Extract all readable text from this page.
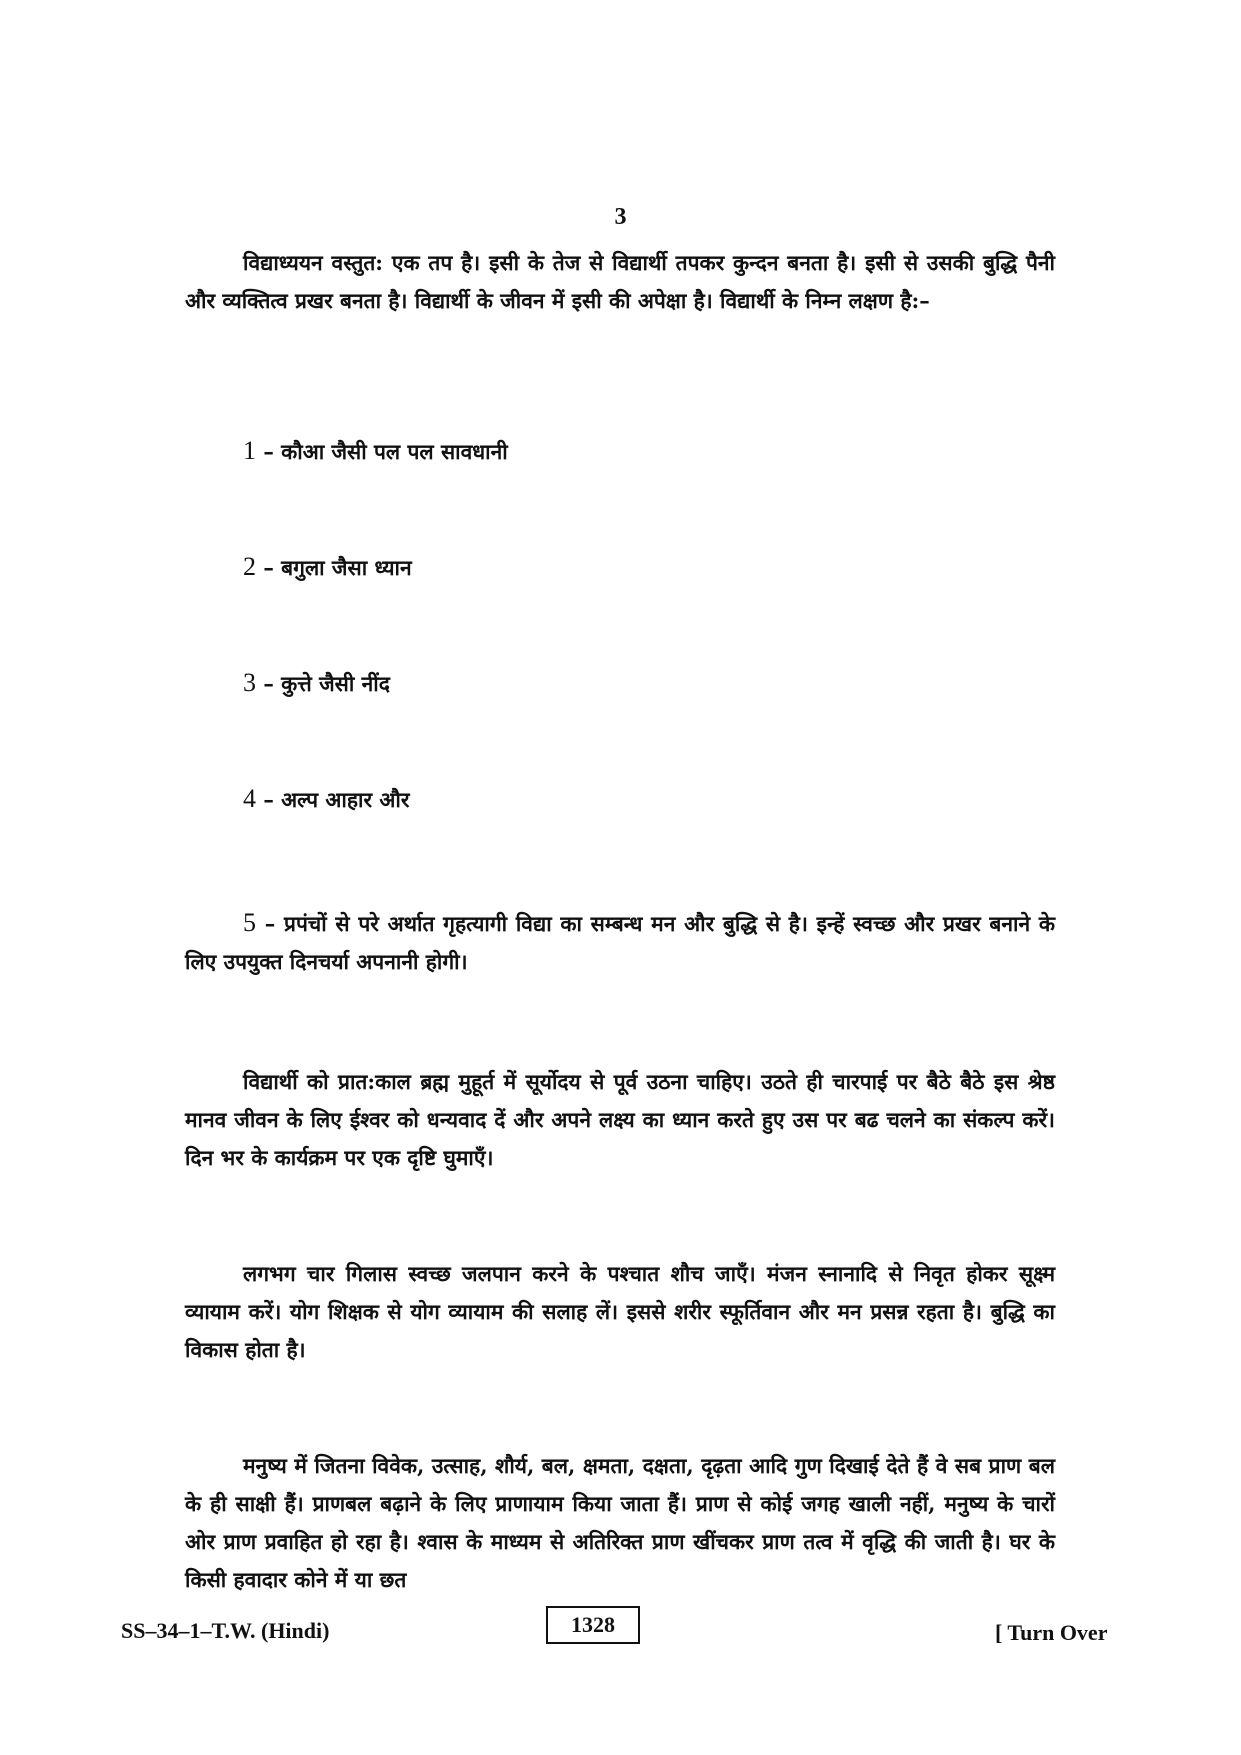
3

विद्याध्ययन वस्तुत: एक तप है। इसी के तेज से विद्यार्थी तपकर कुन्दन बनता है। इसी से उसकी बुद्धि पैनी और व्यक्तित्व प्रखर बनता है। विद्यार्थी के जीवन में इसी की अपेक्षा है। विद्यार्थी के निम्न लक्षण है:–

1 – कौआ जैसी पल पल सावधानी

2 – बगुला जैसा ध्यान

3 – कुत्ते जैसी नींद

4 – अल्प आहार और

5 – प्रपंचों से परे अर्थात गृहत्यागी विद्या का सम्बन्ध मन और बुद्धि से है। इन्हें स्वच्छ और प्रखर बनाने के लिए उपयुक्त दिनचर्या अपनानी होगी।

विद्यार्थी को प्रात:काल ब्रह्म मुहूर्त में सूर्योदय से पूर्व उठना चाहिए। उठते ही चारपाई पर बैठे बैठे इस श्रेष्ठ मानव जीवन के लिए ईश्वर को धन्यवाद दें और अपने लक्ष्य का ध्यान करते हुए उस पर बढ चलने का संकल्प करें। दिन भर के कार्यक्रम पर एक दृष्टि घुमाएँ।

लगभग चार गिलास स्वच्छ जलपान करने के पश्चात शौच जाएँ। मंजन स्नानादि से निवृत होकर सूक्ष्म व्यायाम करें। योग शिक्षक से योग व्यायाम की सलाह लें। इससे शरीर स्फूर्तिवान और मन प्रसन्न रहता है। बुद्धि का विकास होता है।

मनुष्य में जितना विवेक, उत्साह, शौर्य, बल, क्षमता, दक्षता, दृढ़ता आदि गुण दिखाई देते हैं वे सब प्राण बल के ही साक्षी हैं। प्राणबल बढ़ाने के लिए प्राणायाम किया जाता हैं। प्राण से कोई जगह खाली नहीं, मनुष्य के चारों ओर प्राण प्रवाहित हो रहा है। श्वास के माध्यम से अतिरिक्त प्राण खींचकर प्राण तत्व में वृद्धि की जाती है। घर के किसी हवादार कोने में या छत

SS–34–1–T.W. (Hindi)	1328	[ Turn Over
